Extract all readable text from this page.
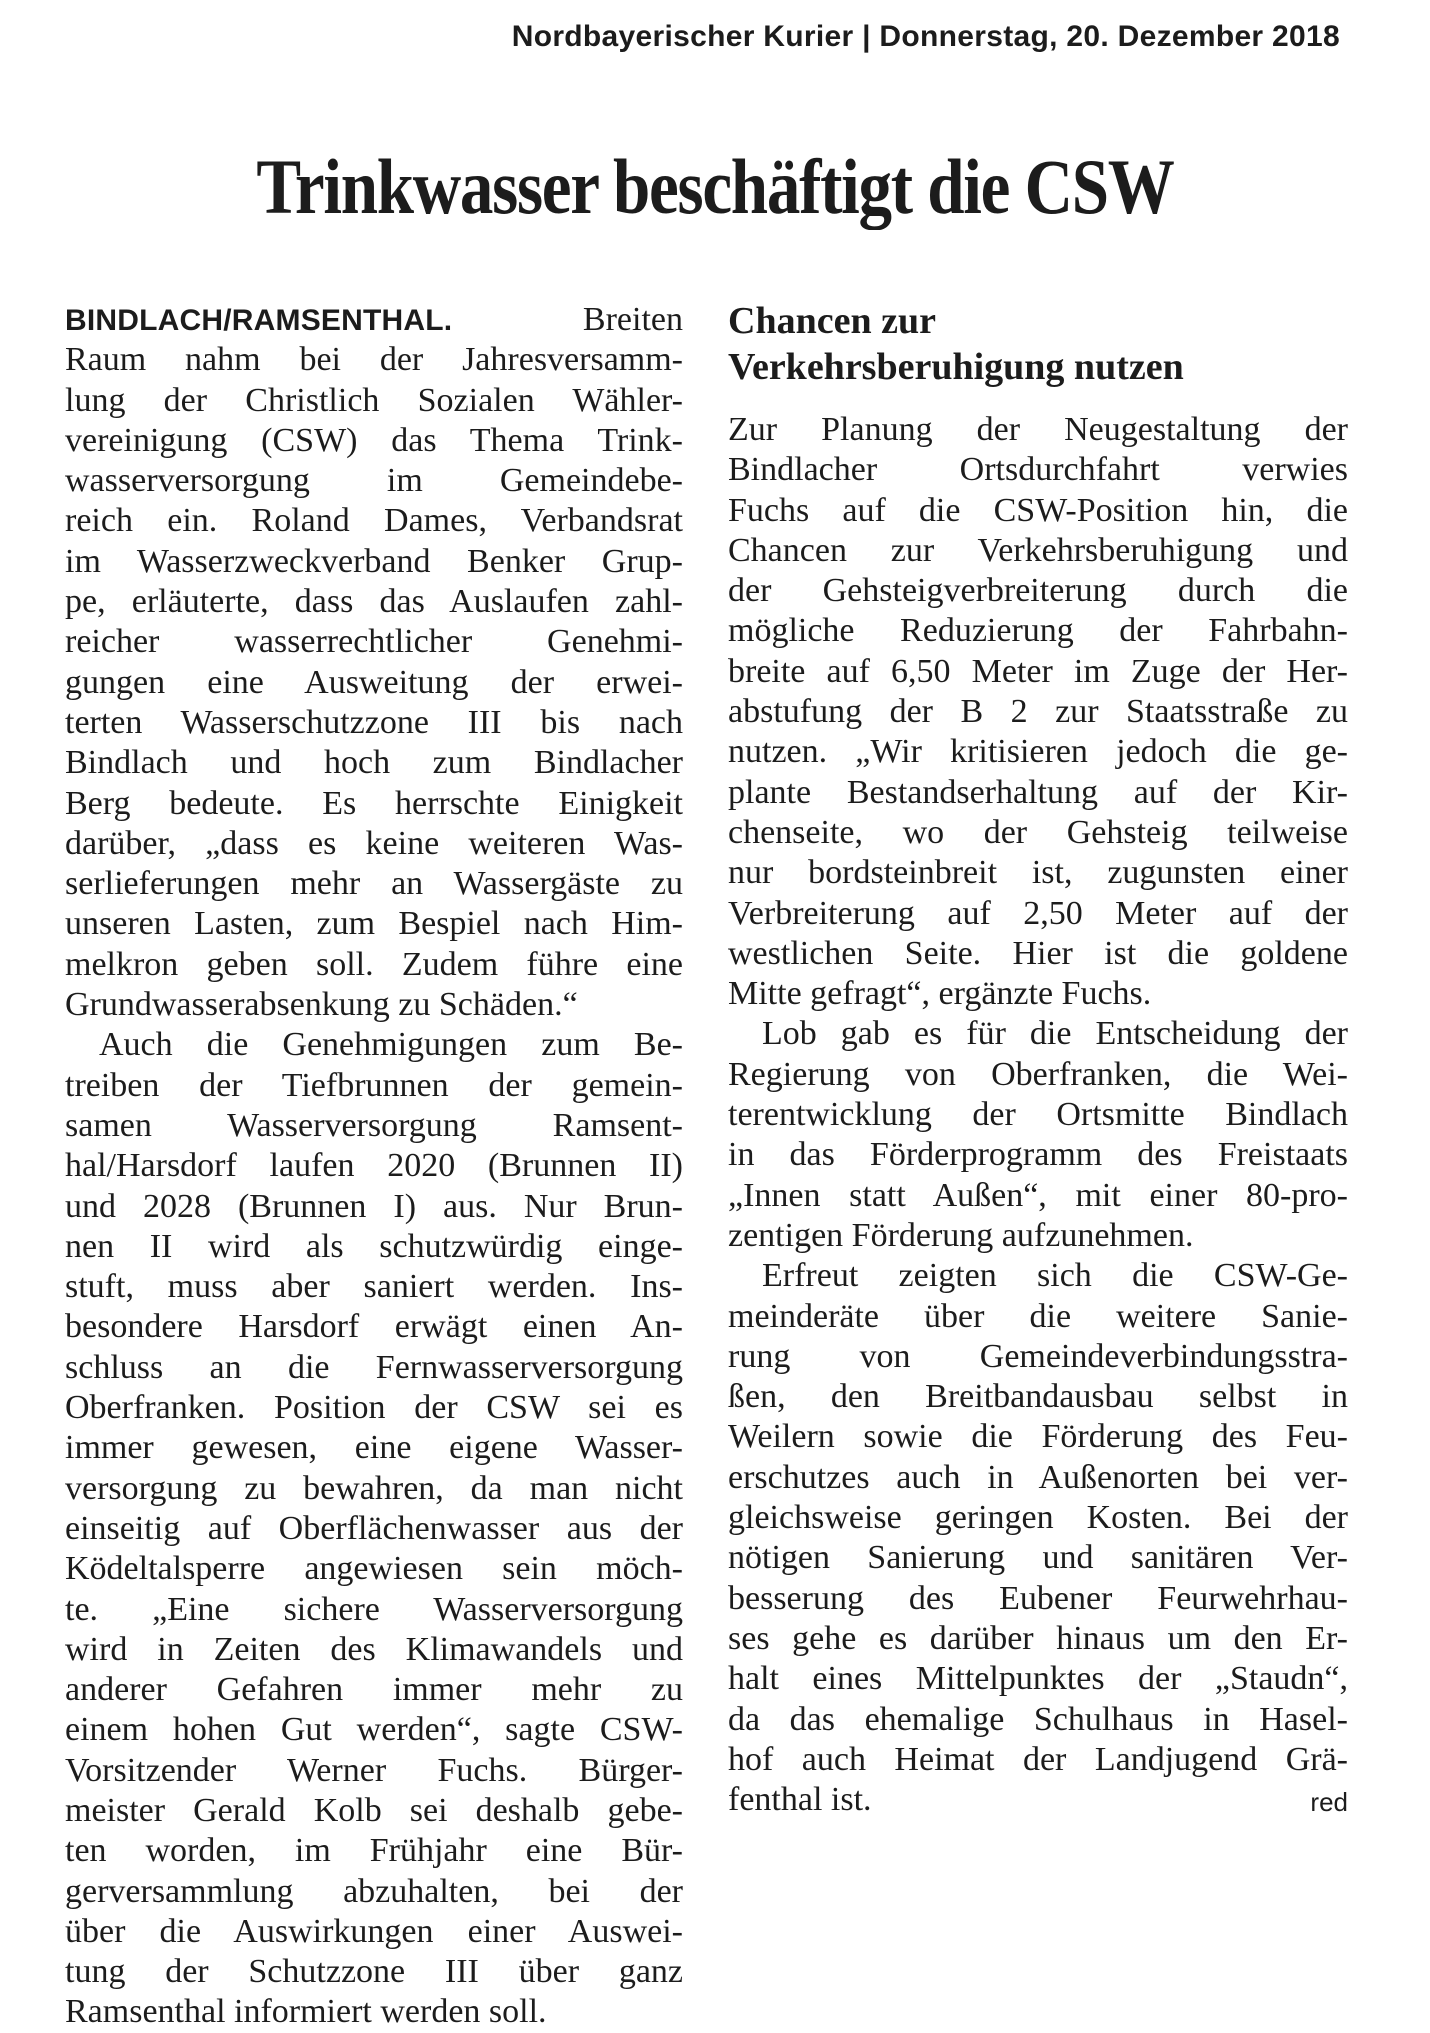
Nordbayerischer Kurier | Donnerstag, 20. Dezember 2018
Trinkwasser beschäftigt die CSW
BINDLACH/RAMSENTHAL.	Breiten
Raum nahm bei der Jahresversamm-
lung der Christlich Sozialen Wähler-
vereinigung (CSW) das Thema Trink-
wasserversorgung im Gemeindebe-
reich ein. Roland Dames, Verbandsrat
im Wasserzweckverband Benker Grup-
pe, erläuterte, dass das Auslaufen zahl-
reicher wasserrechtlicher Genehmi-
gungen eine Ausweitung der erwei-
terten Wasserschutzzone III bis nach
Bindlach und hoch zum Bindlacher
Berg bedeute. Es herrschte Einigkeit
darüber, „dass es keine weiteren Was-
serlieferungen mehr an Wassergäste zu
unseren Lasten, zum Bespiel nach Him-
melkron geben soll. Zudem führe eine
Grundwasserabsenkung zu Schäden.“
Auch die Genehmigungen zum Be-
treiben der Tiefbrunnen der gemein-
samen Wasserversorgung Ramsent-
hal/Harsdorf laufen 2020 (Brunnen II)
und 2028 (Brunnen I) aus. Nur Brun-
nen II wird als schutzwürdig einge-
stuft, muss aber saniert werden. Ins-
besondere Harsdorf erwägt einen An-
schluss an die Fernwasserversorgung
Oberfranken. Position der CSW sei es
immer gewesen, eine eigene Wasser-
versorgung zu bewahren, da man nicht
einseitig auf Oberflächenwasser aus der
Ködeltalsperre angewiesen sein möch-
te. „Eine sichere Wasserversorgung
wird in Zeiten des Klimawandels und
anderer Gefahren immer mehr zu
einem hohen Gut werden“, sagte CSW-
Vorsitzender Werner Fuchs. Bürger-
meister Gerald Kolb sei deshalb gebe-
ten worden, im Frühjahr eine Bür-
gerversammlung abzuhalten, bei der
über die Auswirkungen einer Auswei-
tung der Schutzzone III über ganz
Ramsenthal informiert werden soll.
Chancen zur
Verkehrsberuhigung nutzen
Zur Planung der Neugestaltung der
Bindlacher Ortsdurchfahrt verwies
Fuchs auf die CSW-Position hin, die
Chancen zur Verkehrsberuhigung und
der Gehsteigverbreiterung durch die
mögliche Reduzierung der Fahrbahn-
breite auf 6,50 Meter im Zuge der Her-
abstufung der B 2 zur Staatsstraße zu
nutzen. „Wir kritisieren jedoch die ge-
plante Bestandserhaltung auf der Kir-
chenseite, wo der Gehsteig teilweise
nur bordsteinbreit ist, zugunsten einer
Verbreiterung auf 2,50 Meter auf der
westlichen Seite. Hier ist die goldene
Mitte gefragt“, ergänzte Fuchs.
Lob gab es für die Entscheidung der
Regierung von Oberfranken, die Wei-
terentwicklung der Ortsmitte Bindlach
in das Förderprogramm des Freistaats
„Innen statt Außen“, mit einer 80-pro-
zentigen Förderung aufzunehmen.
Erfreut zeigten sich die CSW-Ge-
meinderäte über die weitere Sanie-
rung von Gemeindeverbindungsstra-
ßen, den Breitbandausbau selbst in
Weilern sowie die Förderung des Feu-
erschutzes auch in Außenorten bei ver-
gleichsweise geringen Kosten. Bei der
nötigen Sanierung und sanitären Ver-
besserung des Eubener Feurwehrhau-
ses gehe es darüber hinaus um den Er-
halt eines Mittelpunktes der „Staudn“,
da das ehemalige Schulhaus in Hasel-
hof auch Heimat der Landjugend Grä-
fenthal ist.	red
